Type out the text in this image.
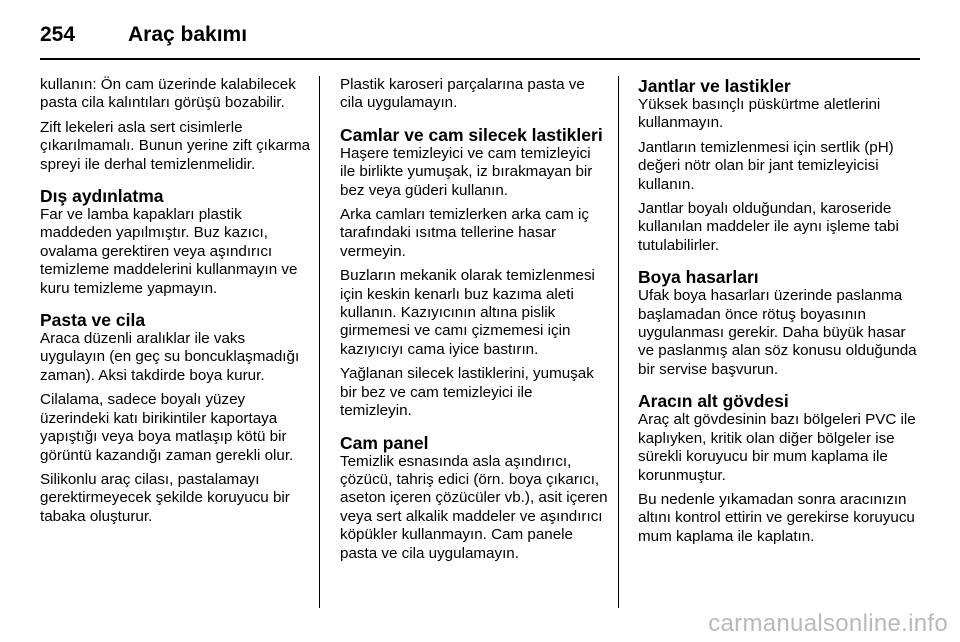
254	Araç bakımı

kullanın: Ön cam üzerinde kalabilecek pasta cila kalıntıları görüşü bozabilir.

Zift lekeleri asla sert cisimlerle çıkarılmamalı. Bunun yerine zift çıkarma spreyi ile derhal temizlenmelidir.

Dış aydınlatma

Far ve lamba kapakları plastik maddeden yapılmıştır. Buz kazıcı, ovalama gerektiren veya aşındırıcı temizleme maddelerini kullanmayın ve kuru temizleme yapmayın.

Pasta ve cila

Araca düzenli aralıklar ile vaks uygulayın (en geç su boncuklaşmadığı zaman). Aksi takdirde boya kurur.

Cilalama, sadece boyalı yüzey üzerindeki katı birikintiler kaportaya yapıştığı veya boya matlaşıp kötü bir görüntü kazandığı zaman gerekli olur.

Silikonlu araç cilası, pastalamayı gerektirmeyecek şekilde koruyucu bir tabaka oluşturur.

Plastik karoseri parçalarına pasta ve cila uygulamayın.

Camlar ve cam silecek lastikleri

Haşere temizleyici ve cam temizleyici ile birlikte yumuşak, iz bırakmayan bir bez veya güderi kullanın.

Arka camları temizlerken arka cam iç tarafındaki ısıtma tellerine hasar vermeyin.

Buzların mekanik olarak temizlenmesi için keskin kenarlı buz kazıma aleti kullanın. Kazıyıcının altına pislik girmemesi ve camı çizmemesi için kazıyıcıyı cama iyice bastırın.

Yağlanan silecek lastiklerini, yumuşak bir bez ve cam temizleyici ile temizleyin.

Cam panel

Temizlik esnasında asla aşındırıcı, çözücü, tahriş edici (örn. boya çıkarıcı, aseton içeren çözücüler vb.), asit içeren veya sert alkalik maddeler ve aşındırıcı köpükler kullanmayın. Cam panele pasta ve cila uygulamayın.

Jantlar ve lastikler

Yüksek basınçlı püskürtme aletlerini kullanmayın.

Jantların temizlenmesi için sertlik (pH) değeri nötr olan bir jant temizleyicisi kullanın.

Jantlar boyalı olduğundan, karoseride kullanılan maddeler ile aynı işleme tabi tutulabilirler.

Boya hasarları

Ufak boya hasarları üzerinde paslanma başlamadan önce rötuş boyasının uygulanması gerekir. Daha büyük hasar ve paslanmış alan söz konusu olduğunda bir servise başvurun.

Aracın alt gövdesi

Araç alt gövdesinin bazı bölgeleri PVC ile kaplıyken, kritik olan diğer bölgeler ise sürekli koruyucu bir mum kaplama ile korunmuştur.

Bu nedenle yıkamadan sonra aracınızın altını kontrol ettirin ve gerekirse koruyucu mum kaplama ile kaplatın.

carmanualsonline.info
